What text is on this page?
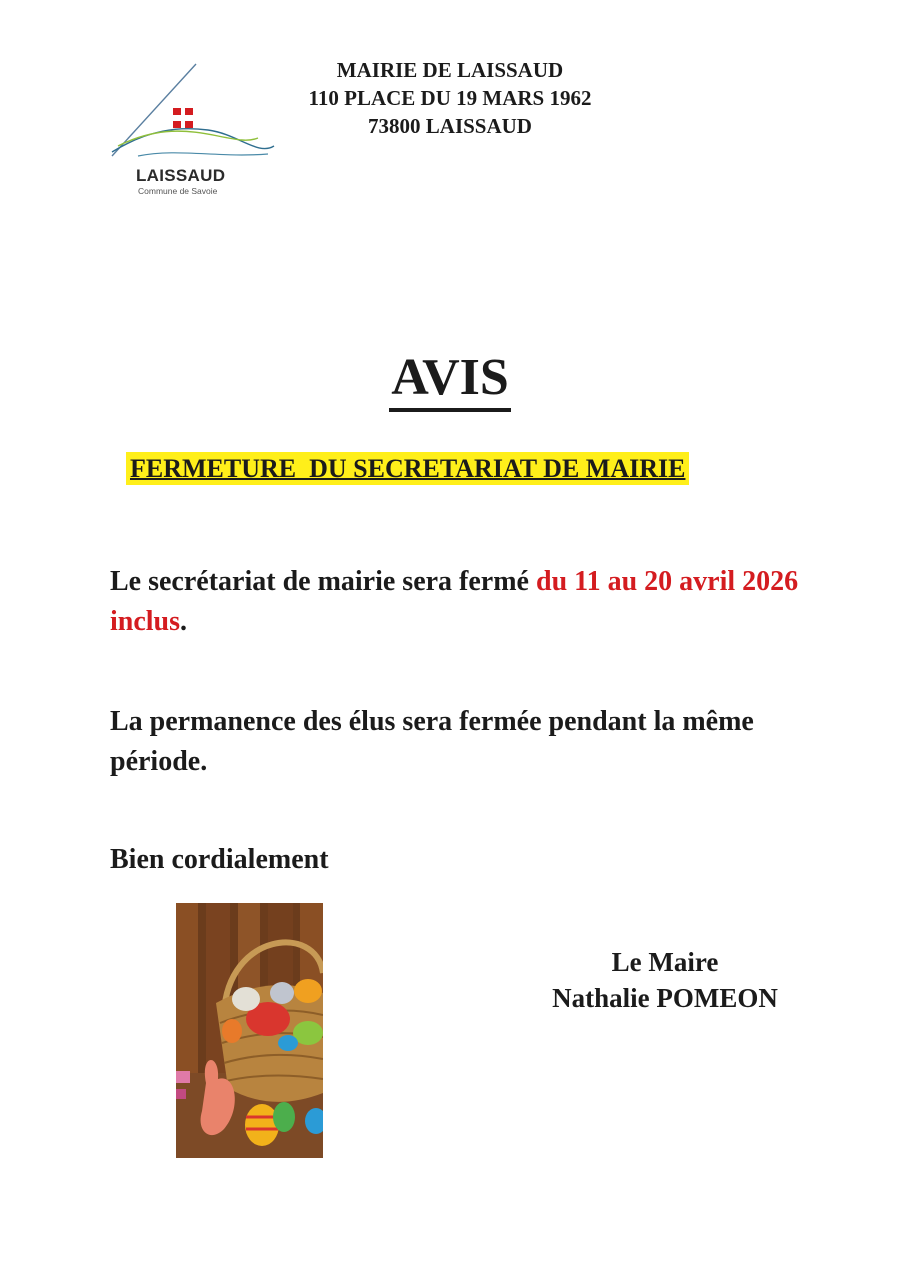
LAISSAUD
Commune de Savoie
MAIRIE DE LAISSAUD
110 PLACE DU 19 MARS 1962
73800 LAISSAUD
AVIS
FERMETURE  DU SECRETARIAT DE MAIRIE
Le secrétariat de mairie sera fermé du 11 au 20 avril 2026 inclus.
La permanence des élus sera fermée pendant la même période.
Bien cordialement
Le Maire
Nathalie POMEON
